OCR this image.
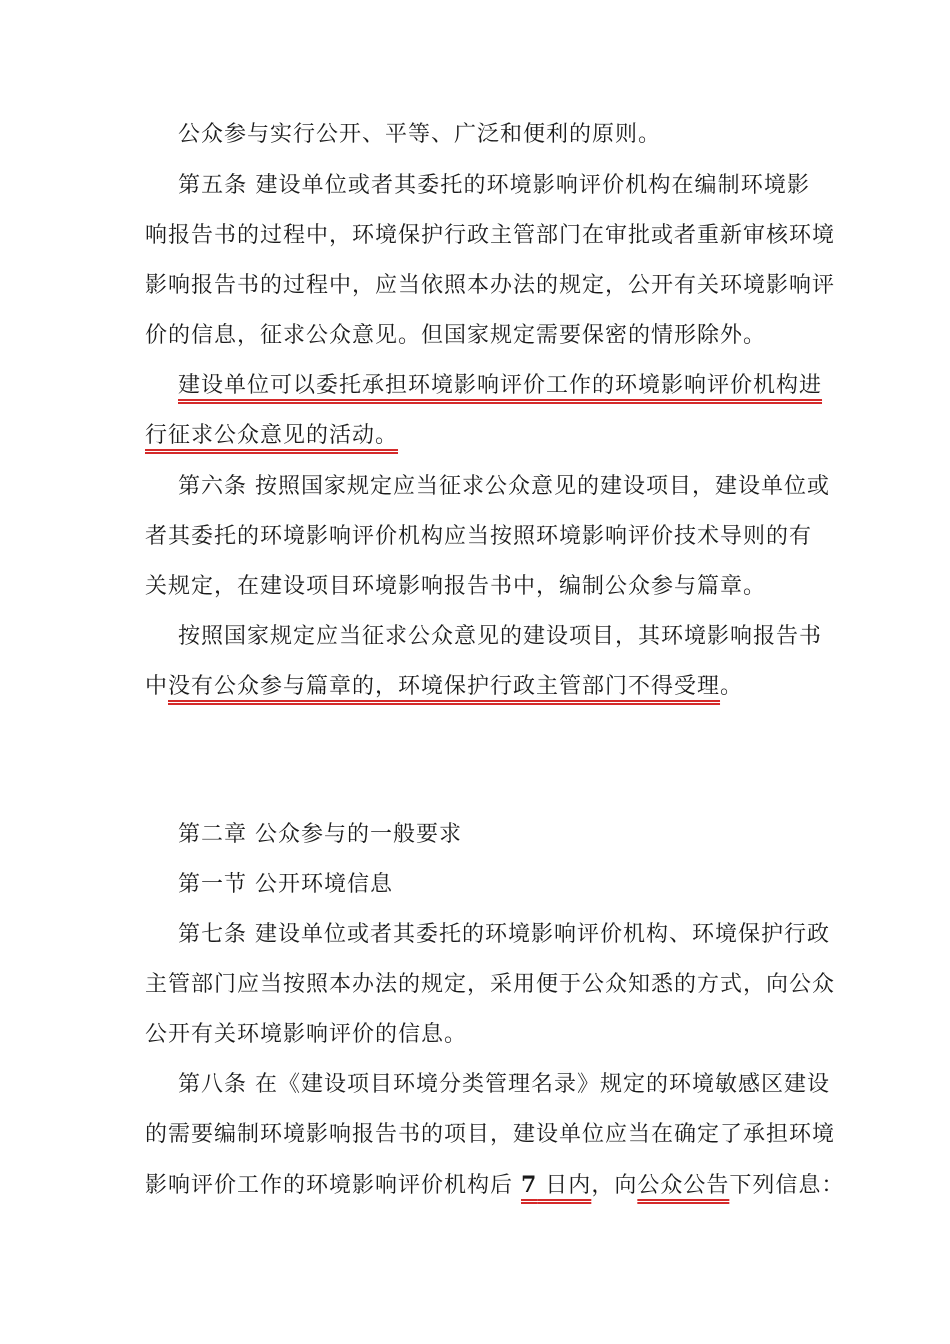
公众参与实行公开、平等、广泛和便利的原则。
第五条 建设单位或者其委托的环境影响评价机构在编制环境影
响报告书的过程中，环境保护行政主管部门在审批或者重新审核环境
影响报告书的过程中，应当依照本办法的规定，公开有关环境影响评
价的信息，征求公众意见。但国家规定需要保密的情形除外。
建设单位可以委托承担环境影响评价工作的环境影响评价机构进
行征求公众意见的活动。
第六条 按照国家规定应当征求公众意见的建设项目，建设单位或
者其委托的环境影响评价机构应当按照环境影响评价技术导则的有
关规定，在建设项目环境影响报告书中，编制公众参与篇章。
按照国家规定应当征求公众意见的建设项目，其环境影响报告书
中没有公众参与篇章的，环境保护行政主管部门不得受理。
第二章 公众参与的一般要求
第一节 公开环境信息
第七条 建设单位或者其委托的环境影响评价机构、环境保护行政
主管部门应当按照本办法的规定，采用便于公众知悉的方式，向公众
公开有关环境影响评价的信息。
第八条 在《建设项目环境分类管理名录》规定的环境敏感区建设
的需要编制环境影响报告书的项目，建设单位应当在确定了承担环境
影响评价工作的环境影响评价机构后 7 日内，向公众公告下列信息：
